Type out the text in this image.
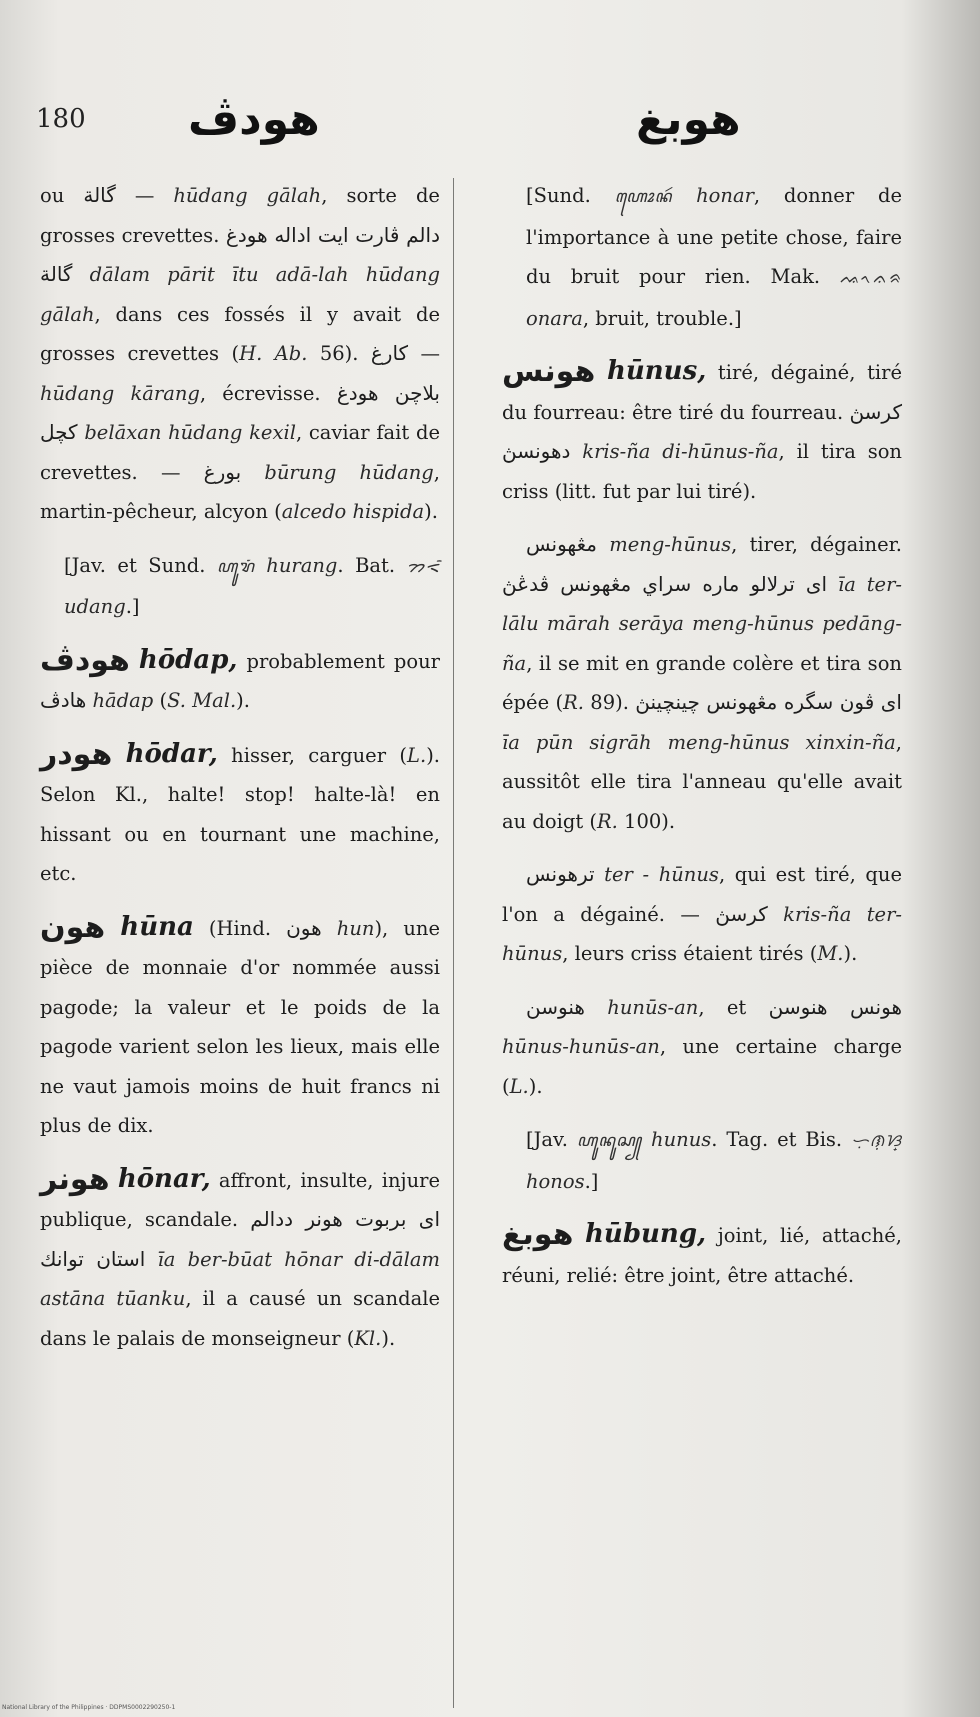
180 هودڤ	هوبغ
ou گالة — hūdang gālah, sorte de grosses crevettes. دالم ڤارت ايت اداله هودغ گالة dālam pārit ītu adā-lah hūdang gālah, dans ces fossés il y avait de grosses crevettes (H. Ab. 56). كارغ — hūdang kārang, écrevisse. بلاچن هودغ كچل belāxan hūdang kexil, caviar fait de crevettes. — بورغ būrung hūdang, martin-pêcheur, alcyon (alcedo hispida).
[Jav. et Sund. ꦲꦸꦫꦁ hurang. Bat. ᯂᯑᯰ udang.]
هودڤ hōdap, probablement pour هادڤ hādap (S. Mal.).
هودر hōdar, hisser, carguer (L.). Selon Kl., halte! stop! halte-là! en hissant ou en tournant une machine, etc.
هون hūna (Hind. هون hun), une pièce de monnaie d'or nommée aussi pagode; la valeur et le poids de la pagode varient selon les lieux, mais elle ne vaut jamois moins de huit francs ni plus de dix.
هونر hōnar, affront, insulte, injure publique, scandale. اى بربوت هونر ددالم استان توانك īa ber-būat hōnar di-dālam astāna tūanku, il a causé un scandale dans le palais de monseigneur (Kl.).
[Sund. ꦲꦺꦴꦤꦂ honar, donner de l'importance à une petite chose, faire du bruit pour rien. Mak. ᨕᨚᨊᨑ onara, bruit, trouble.]
هونس hūnus, tiré, dégainé, tiré du fourreau: être tiré du fourreau. كرسڽ دهونسڽ kris-ña di-hūnus-ña, il tira son criss (litt. fut par lui tiré).
مڠهونس meng-hūnus, tirer, dégainer. اى ترلالو ماره سراي مڠهونس ڤدڠڽ īa ter-lālu mārah serāya meng-hūnus pedāng-ña, il se mit en grande colère et tira son épée (R. 89). اى ڤون سگره مڠهونس چينچينڽ īa pūn sigrāh meng-hūnus xinxin-ña, aussitôt elle tira l'anneau qu'elle avait au doigt (R. 100).
ترهونس ter - hūnus, qui est tiré, que l'on a dégainé. — كرسڽ kris-ña ter-hūnus, leurs criss étaient tirés (M.).
هنوسن hunūs-an, et هونس هنوسن hūnus-hunūs-an, une certaine charge (L.).
[Jav. ꦲꦸꦤꦸꦱ꧀ hunus. Tag. et Bis. ᜑᜓᜈᜓᜐ᜔ honos.]
هوبغ hūbung, joint, lié, attaché, réuni, relié: être joint, être attaché.
National Library of the Philippines · DDPMS0002290250-1
